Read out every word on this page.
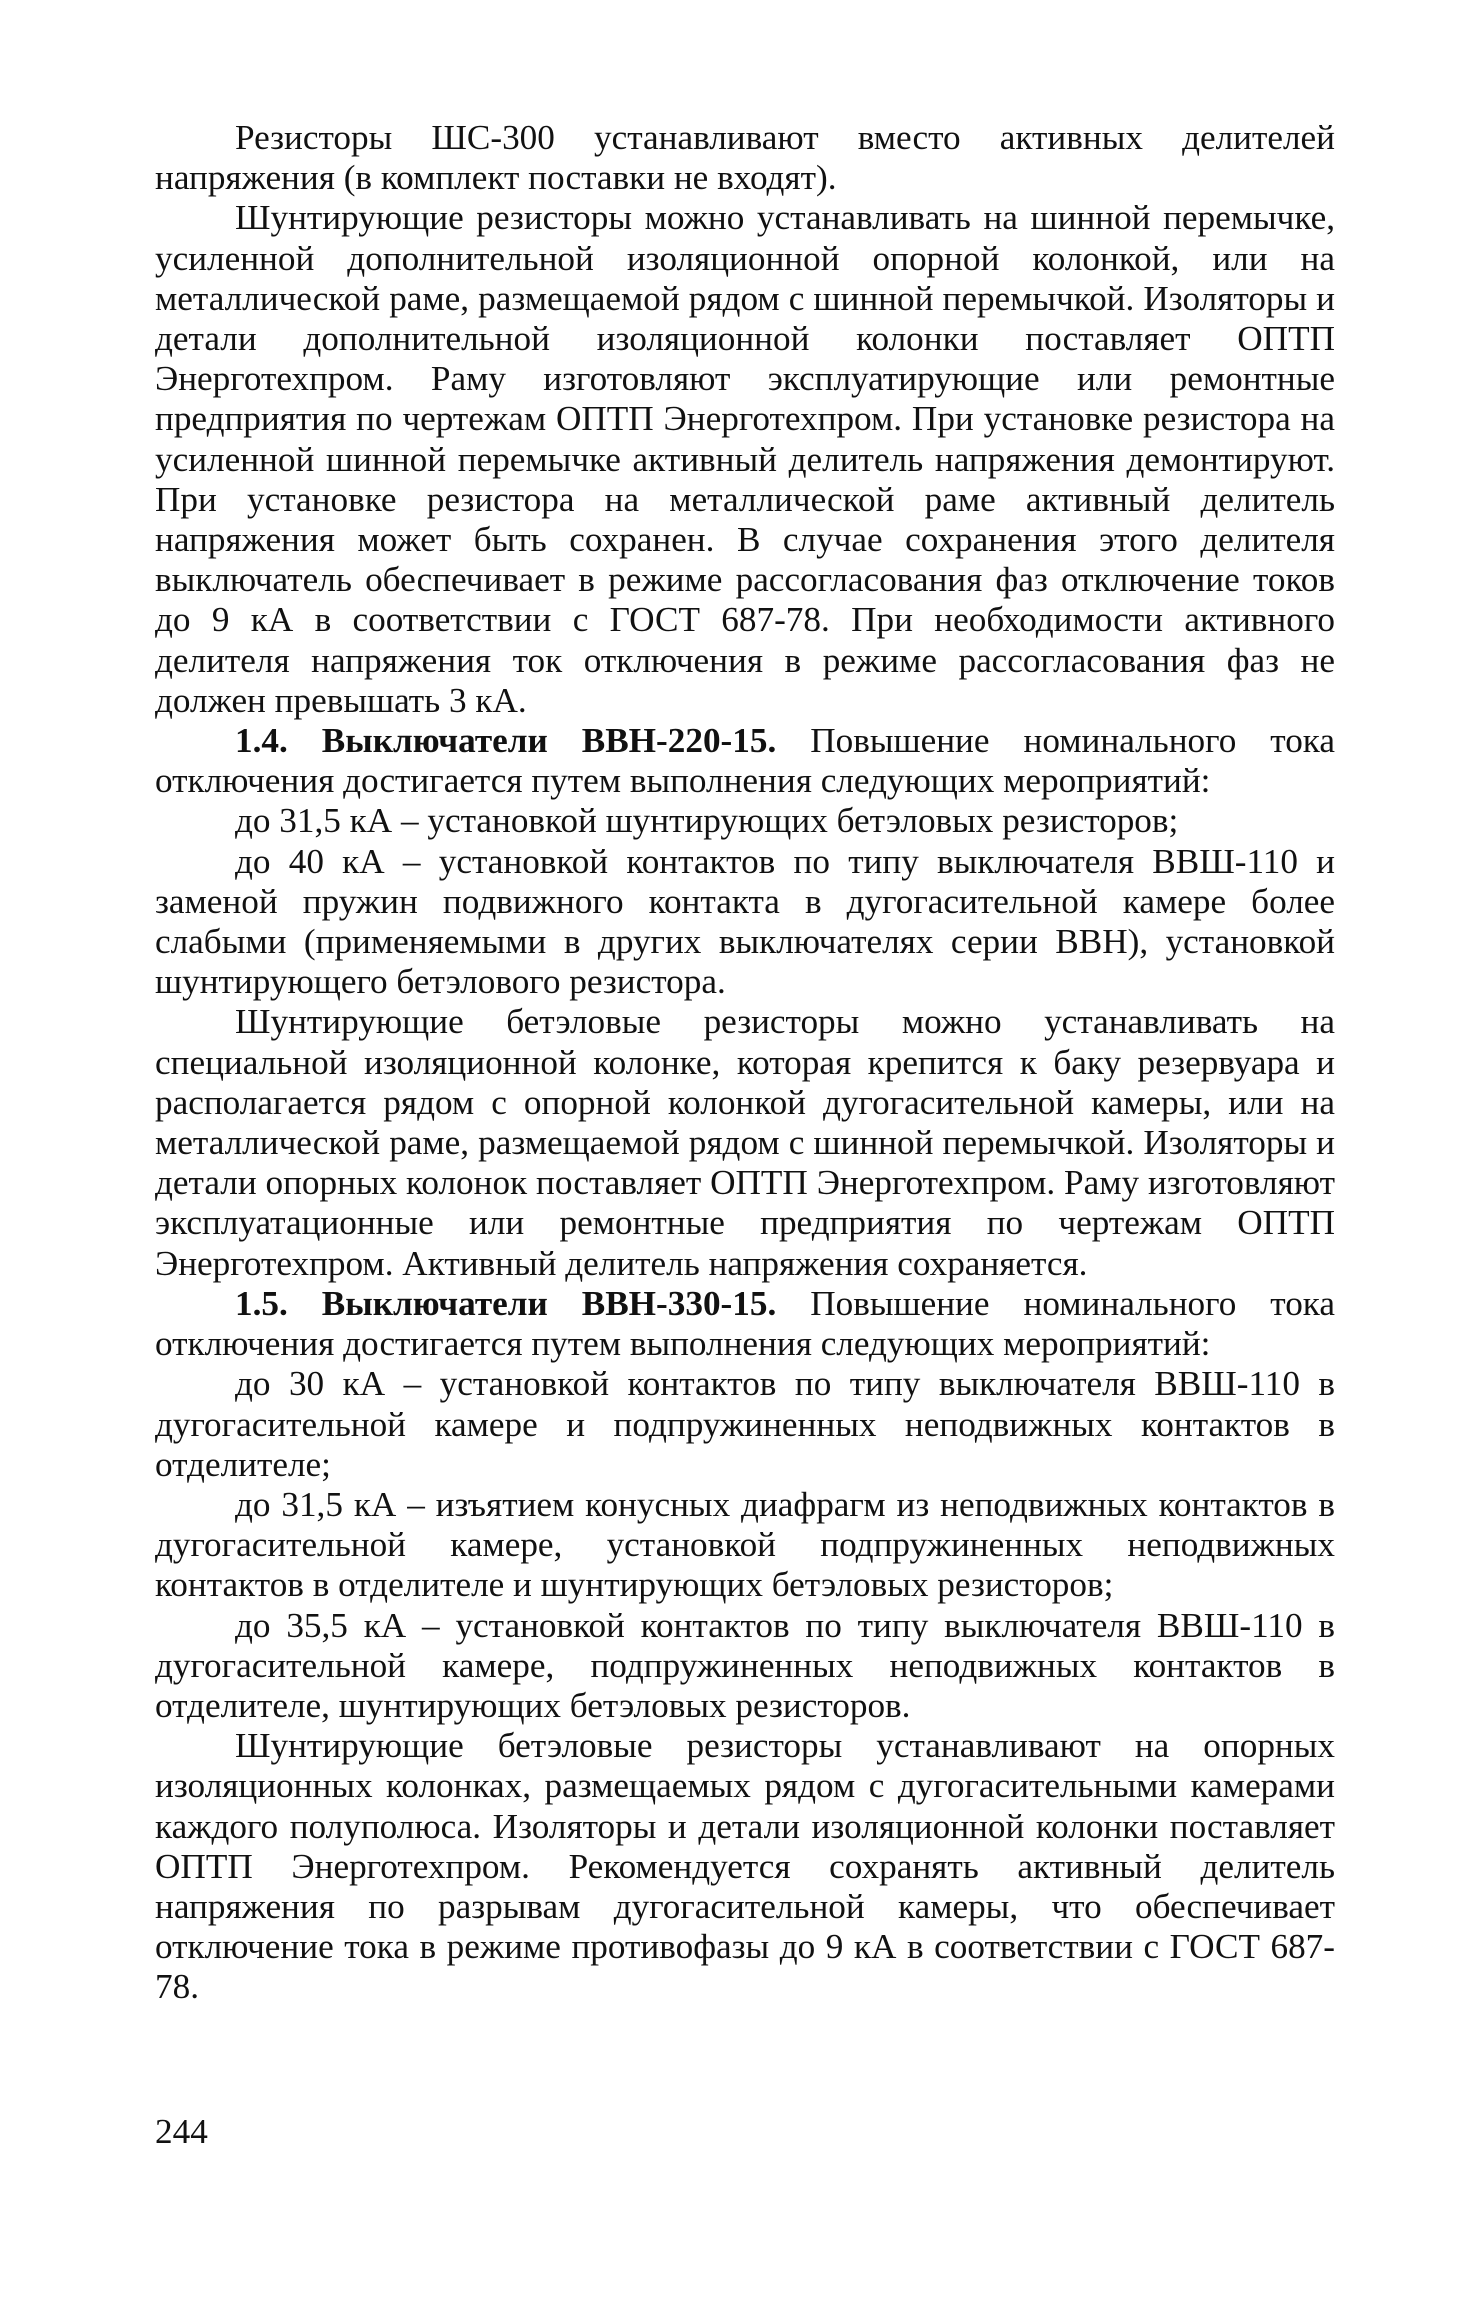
Резисторы ШС-300 устанавливают вместо активных делителей напряжения (в комплект поставки не входят).

Шунтирующие резисторы можно устанавливать на шинной перемычке, усиленной дополнительной изоляционной опорной колонкой, или на металлической раме, размещаемой рядом с шинной перемычкой. Изоляторы и детали дополнительной изоляционной колонки поставляет ОПТП Энерготехпром. Раму изготовляют эксплуатирующие или ремонтные предприятия по чертежам ОПТП Энерготехпром. При установке резистора на усиленной шинной перемычке активный делитель напряжения демонтируют. При установке резистора на металлической раме активный делитель напряжения может быть сохранен. В случае сохранения этого делителя выключатель обеспечивает в режиме рассогласования фаз отключение токов до 9 кА в соответствии с ГОСТ 687-78. При необходимости активного делителя напряжения ток отключения в режиме рассогласования фаз не должен превышать 3 кА.

1.4. Выключатели ВВН-220-15. Повышение номинального тока отключения достигается путем выполнения следующих мероприятий:

до 31,5 кА – установкой шунтирующих бетэловых резисторов;

до 40 кА – установкой контактов по типу выключателя ВВШ-110 и заменой пружин подвижного контакта в дугогасительной камере более слабыми (применяемыми в других выключателях серии ВВН), установкой шунтирующего бетэлового резистора.

Шунтирующие бетэловые резисторы можно устанавливать на специальной изоляционной колонке, которая крепится к баку резервуара и располагается рядом с опорной колонкой дугогасительной камеры, или на металлической раме, размещаемой рядом с шинной перемычкой. Изоляторы и детали опорных колонок поставляет ОПТП Энерготехпром. Раму изготовляют эксплуатационные или ремонтные предприятия по чертежам ОПТП Энерготехпром. Активный делитель напряжения сохраняется.

1.5. Выключатели ВВН-330-15. Повышение номинального тока отключения достигается путем выполнения следующих мероприятий:

до 30 кА – установкой контактов по типу выключателя ВВШ-110 в дугогасительной камере и подпружиненных неподвижных контактов в отделителе;

до 31,5 кА – изъятием конусных диафрагм из неподвижных контактов в дугогасительной камере, установкой подпружиненных неподвижных контактов в отделителе и шунтирующих бетэловых резисторов;

до 35,5 кА – установкой контактов по типу выключателя ВВШ-110 в дугогасительной камере, подпружиненных неподвижных контактов в отделителе, шунтирующих бетэловых резисторов.

Шунтирующие бетэловые резисторы устанавливают на опорных изоляционных колонках, размещаемых рядом с дугогасительными камерами каждого полуполюса. Изоляторы и детали изоляционной колонки поставляет ОПТП Энерготехпром. Рекомендуется сохранять активный делитель напряжения по разрывам дугогасительной камеры, что обеспечивает отключение тока в режиме противофазы до 9 кА в соответствии с ГОСТ 687-78.

244
